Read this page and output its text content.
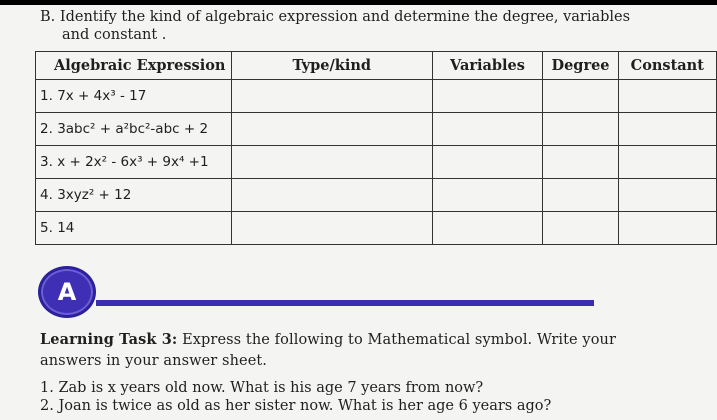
B. Identify the kind of algebraic expression and determine the degree, variables
and constant .
Algebraic Expression	Type/kind	Variables	Degree	Constant
1. 7x + 4x³ - 17				
2. 3abc² + a²bc²-abc + 2				
3. x + 2x² - 6x³ + 9x⁴ +1				
4. 3xyz² + 12				
5. 14				
A
Learning Task 3: Express the following to Mathematical symbol. Write your answers in your answer sheet.
1. Zab is x years old now. What is his age 7 years from now?
2. Joan is twice as old as her sister now. What is her age 6 years ago?
